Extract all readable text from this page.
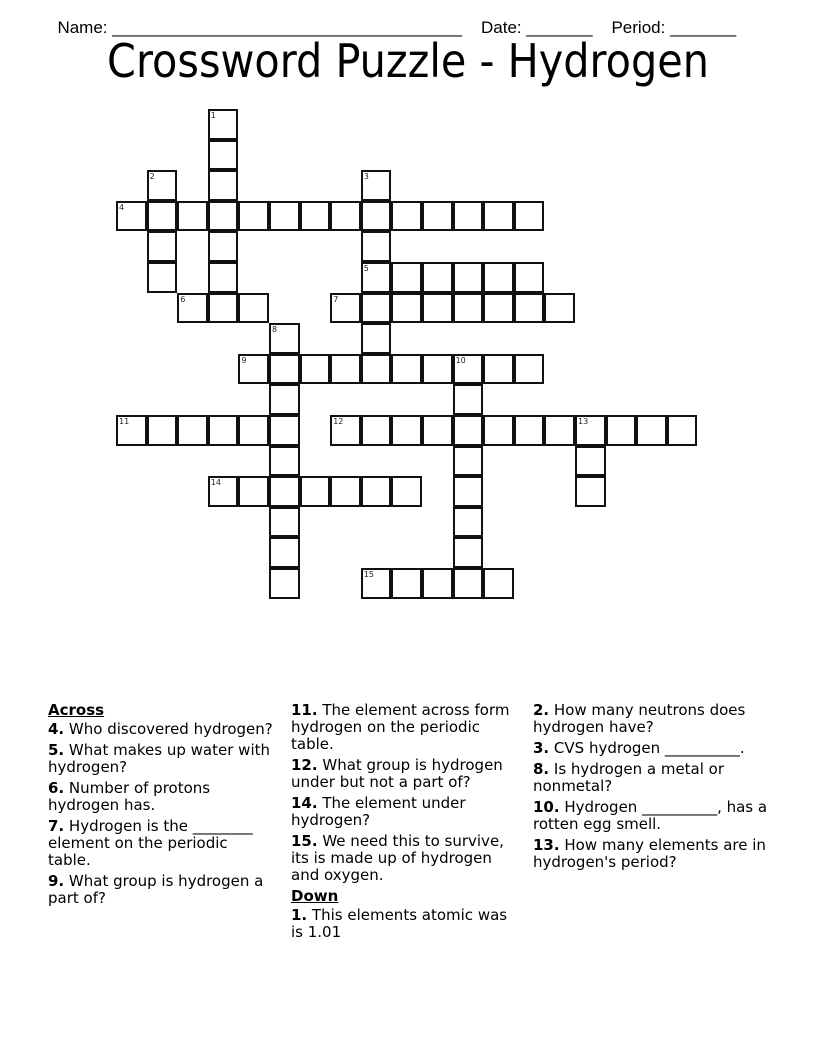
Name: _____________________________________ Date: _______ Period: _______

Crossword Puzzle - Hydrogen
1
2	3
5
4
6	7
8
9	10
11	12	13
14
15
Across
4. Who discovered hydrogen?
5. What makes up water with hydrogen?
6. Number of protons hydrogen has.
7. Hydrogen is the ________ element on the periodic table.
9. What group is hydrogen a part of?
11. The element across form hydrogen on the periodic table.
12. What group is hydrogen under but not a part of?
14. The element under hydrogen?
15. We need this to survive, its is made up of hydrogen and oxygen.
Down
1. This elements atomic was is 1.01
2. How many neutrons does hydrogen have?
3. CVS hydrogen __________.
8. Is hydrogen a metal or nonmetal?
10. Hydrogen __________, has a rotten egg smell.
13. How many elements are in hydrogen's period?
